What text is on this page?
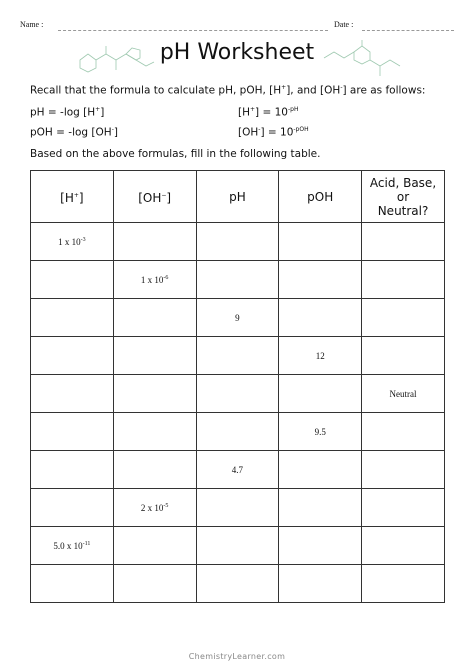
Name :	Date :
pH Worksheet
Recall that the formula to calculate pH, pOH, [H+], and [OH-] are as follows:
pH = -log [H+]	$[H^+] = 10^{-pH}$
pOH = -log [OH-]	$[OH^-] = 10^{-pOH}$
Based on the above formulas, fill in the following table.
[H+]	[OH−]	pH	pOH	Acid, Base,
or
Neutral?
1 x $10^{-3}$				
	1 x $10^{-6}$			
		9		
			12	
				Neutral
			9.5	
		4.7		
	2 x $10^{-5}$			
5.0 x $10^{-11}$				

ChemistryLearner.com
